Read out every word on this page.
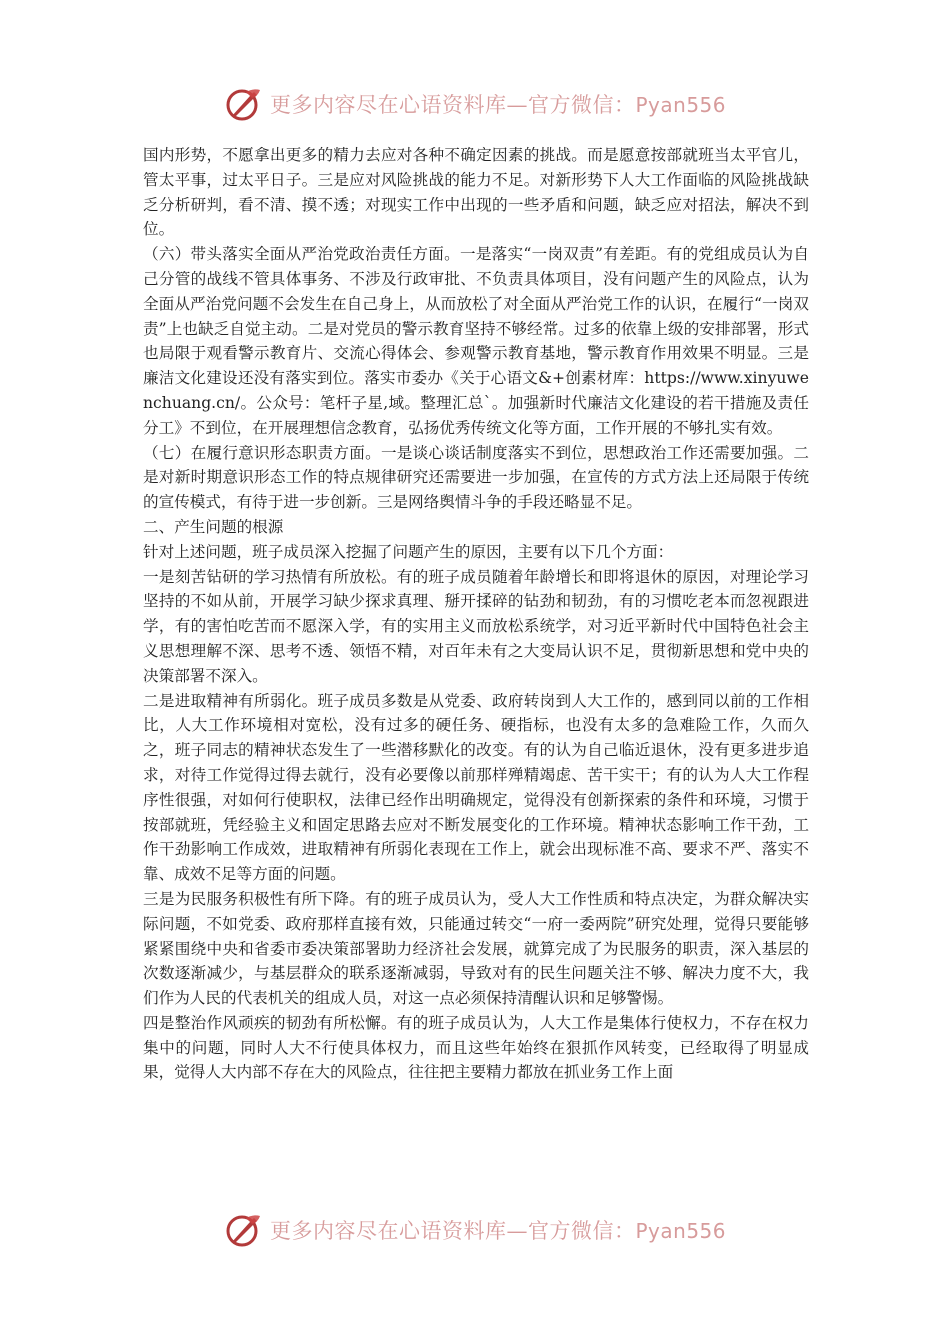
更多内容尽在心语资料库—官方微信：Pyan556

国内形势，不愿拿出更多的精力去应对各种不确定因素的挑战。而是愿意按部就班当太平官儿，管太平事，过太平日子。三是应对风险挑战的能力不足。对新形势下人大工作面临的风险挑战缺乏分析研判，看不清、摸不透；对现实工作中出现的一些矛盾和问题，缺乏应对招法，解决不到位。

（六）带头落实全面从严治党政治责任方面。一是落实“一岗双责”有差距。有的党组成员认为自己分管的战线不管具体事务、不涉及行政审批、不负责具体项目，没有问题产生的风险点，认为全面从严治党问题不会发生在自己身上，从而放松了对全面从严治党工作的认识，在履行“一岗双责”上也缺乏自觉主动。二是对党员的警示教育坚持不够经常。过多的依靠上级的安排部署，形式也局限于观看警示教育片、交流心得体会、参观警示教育基地，警示教育作用效果不明显。三是廉洁文化建设还没有落实到位。落实市委办《关于心语文&+创素材库：https://www.xinyuwenchuang.cn/。公众号：笔杆子星,域。整理汇总`。加强新时代廉洁文化建设的若干措施及责任分工》不到位，在开展理想信念教育，弘扬优秀传统文化等方面，工作开展的不够扎实有效。

（七）在履行意识形态职责方面。一是谈心谈话制度落实不到位，思想政治工作还需要加强。二是对新时期意识形态工作的特点规律研究还需要进一步加强，在宣传的方式方法上还局限于传统的宣传模式，有待于进一步创新。三是网络舆情斗争的手段还略显不足。

二、产生问题的根源

针对上述问题，班子成员深入挖掘了问题产生的原因，主要有以下几个方面：

一是刻苦钻研的学习热情有所放松。有的班子成员随着年龄增长和即将退休的原因，对理论学习坚持的不如从前，开展学习缺少探求真理、掰开揉碎的钻劲和韧劲，有的习惯吃老本而忽视跟进学，有的害怕吃苦而不愿深入学，有的实用主义而放松系统学，对习近平新时代中国特色社会主义思想理解不深、思考不透、领悟不精，对百年未有之大变局认识不足，贯彻新思想和党中央的决策部署不深入。

二是进取精神有所弱化。班子成员多数是从党委、政府转岗到人大工作的，感到同以前的工作相比，人大工作环境相对宽松，没有过多的硬任务、硬指标，也没有太多的急难险工作，久而久之，班子同志的精神状态发生了一些潜移默化的改变。有的认为自己临近退休，没有更多进步追求，对待工作觉得过得去就行，没有必要像以前那样殚精竭虑、苦干实干；有的认为人大工作程序性很强，对如何行使职权，法律已经作出明确规定，觉得没有创新探索的条件和环境，习惯于按部就班，凭经验主义和固定思路去应对不断发展变化的工作环境。精神状态影响工作干劲，工作干劲影响工作成效，进取精神有所弱化表现在工作上，就会出现标准不高、要求不严、落实不靠、成效不足等方面的问题。

三是为民服务积极性有所下降。有的班子成员认为，受人大工作性质和特点决定，为群众解决实际问题，不如党委、政府那样直接有效，只能通过转交“一府一委两院”研究处理，觉得只要能够紧紧围绕中央和省委市委决策部署助力经济社会发展，就算完成了为民服务的职责，深入基层的次数逐渐减少，与基层群众的联系逐渐减弱，导致对有的民生问题关注不够、解决力度不大，我们作为人民的代表机关的组成人员，对这一点必须保持清醒认识和足够警惕。

四是整治作风顽疾的韧劲有所松懈。有的班子成员认为，人大工作是集体行使权力，不存在权力集中的问题，同时人大不行使具体权力，而且这些年始终在狠抓作风转变，已经取得了明显成果，觉得人大内部不存在大的风险点，往往把主要精力都放在抓业务工作上面

更多内容尽在心语资料库—官方微信：Pyan556
